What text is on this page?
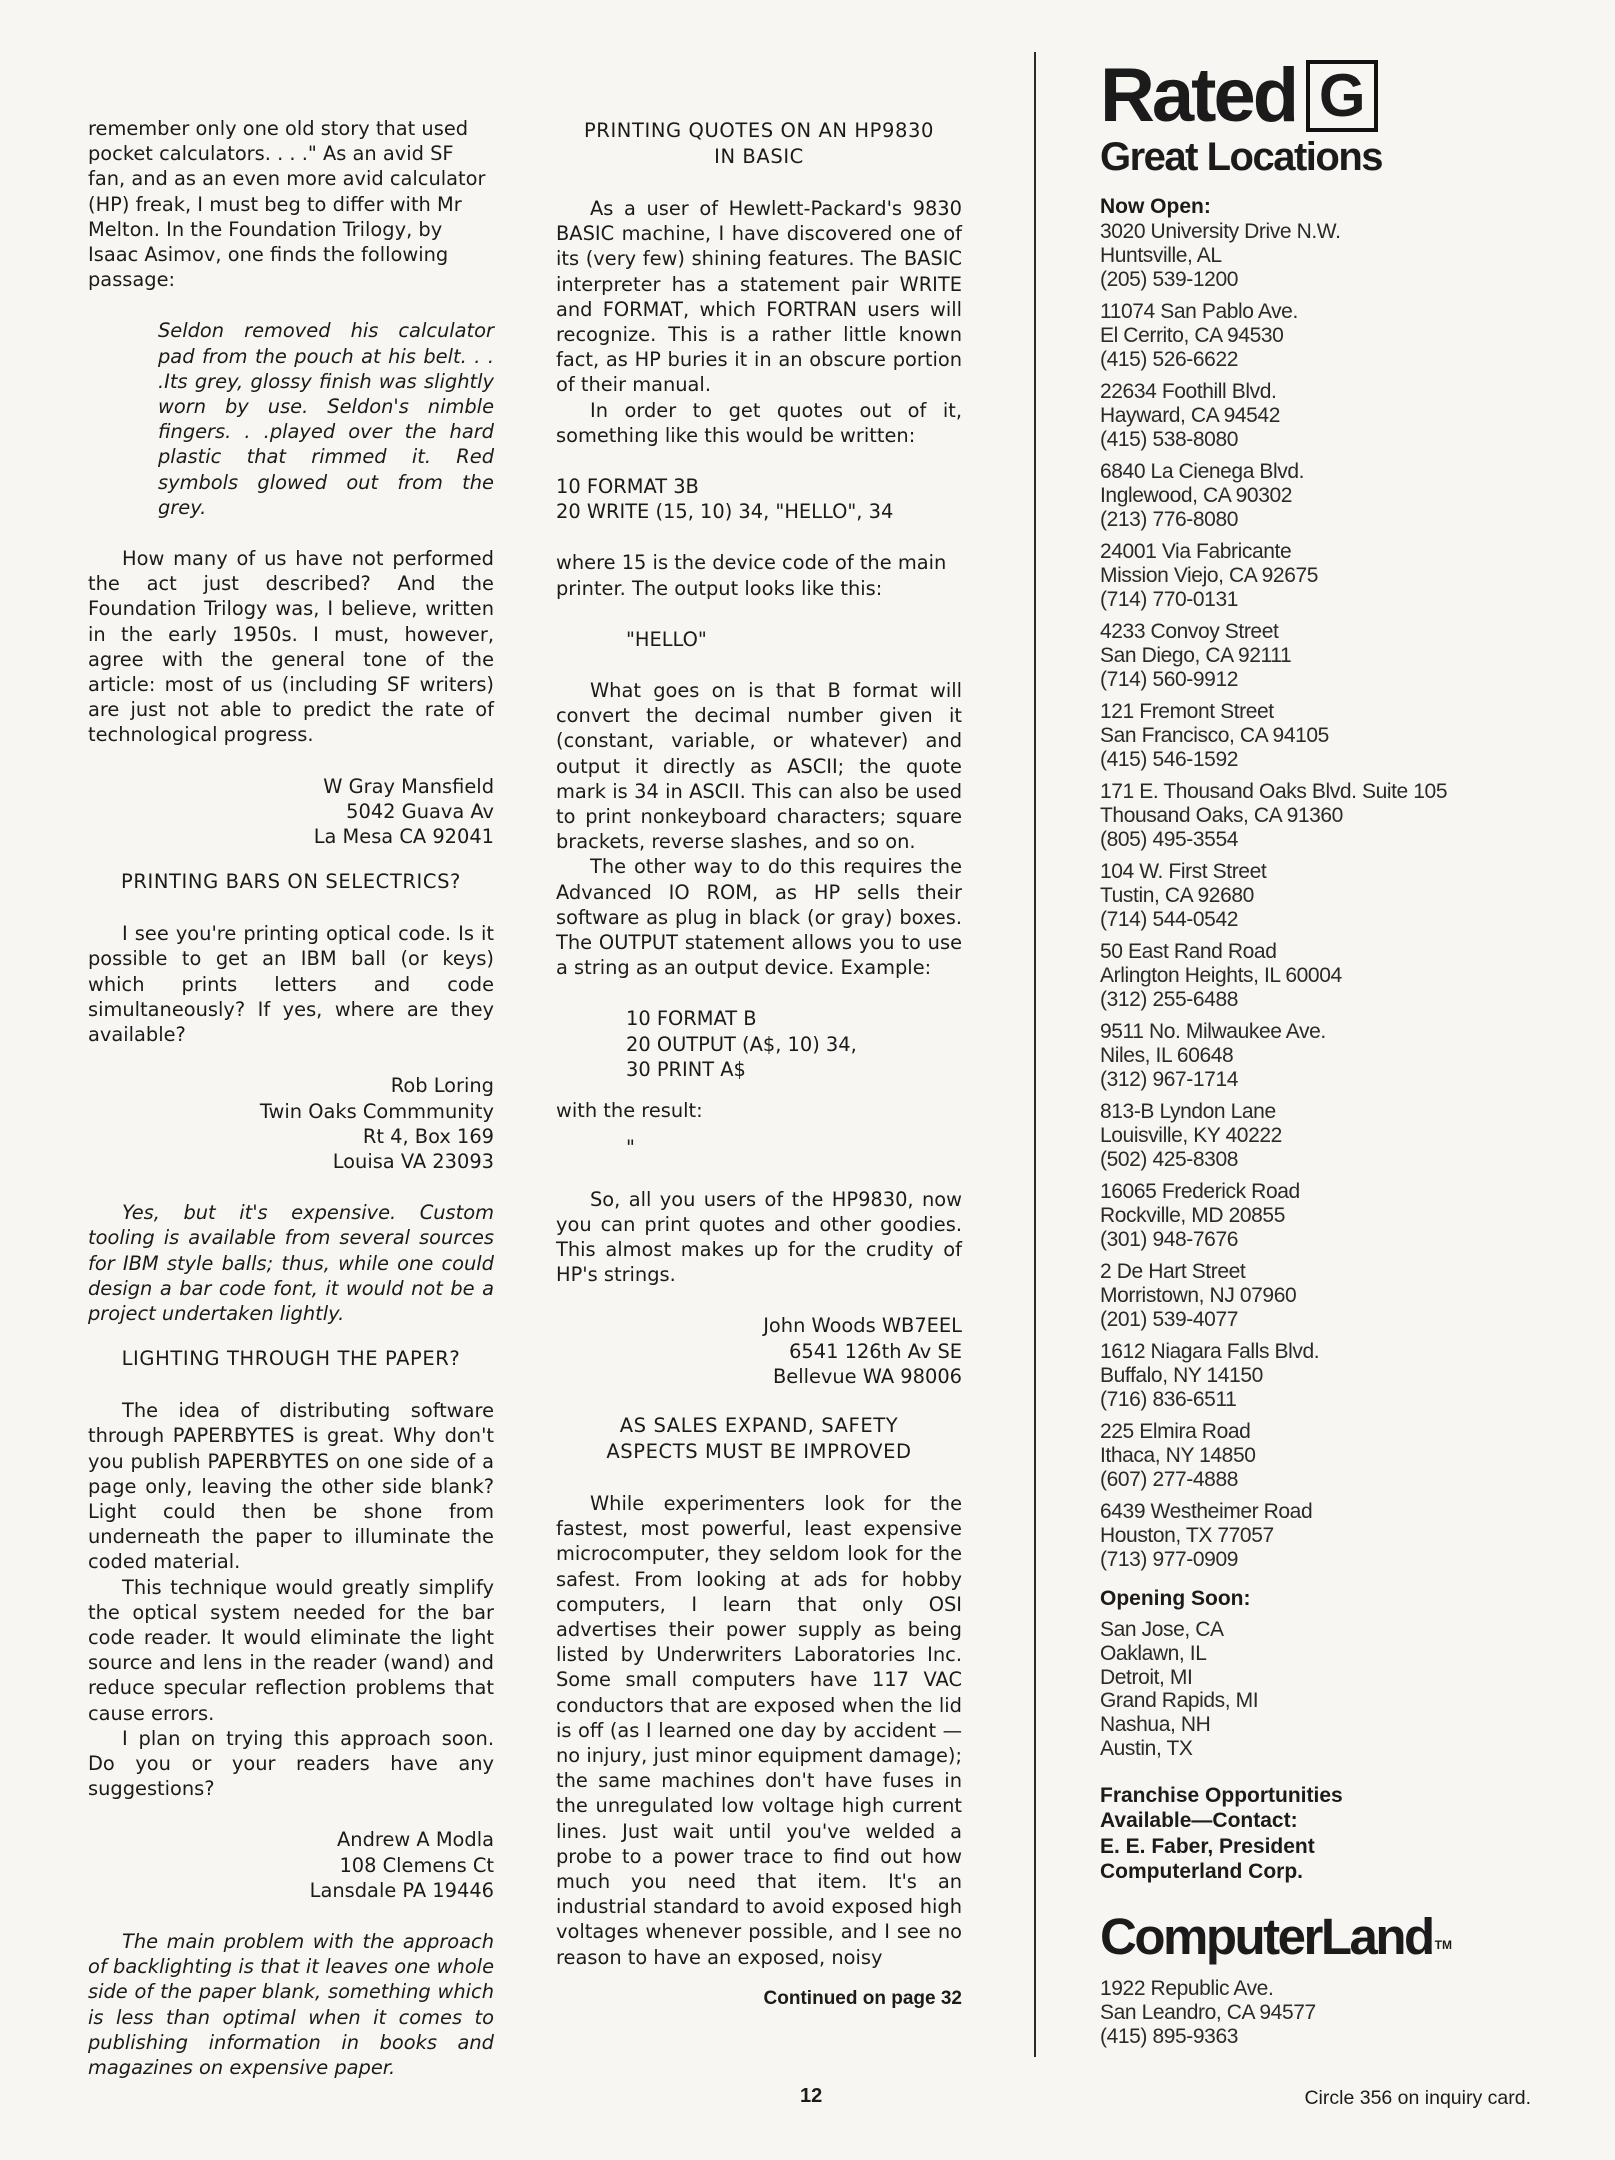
remember only one old story that used pocket calculators. . . ." As an avid SF fan, and as an even more avid calculator (HP) freak, I must beg to differ with Mr Melton. In the Foundation Trilogy, by Isaac Asimov, one finds the following passage:

Seldon removed his calculator pad from the pouch at his belt. . . .Its grey, glossy finish was slightly worn by use. Seldon's nimble fingers. . .played over the hard plastic that rimmed it. Red symbols glowed out from the grey.

How many of us have not performed the act just described? And the Foundation Trilogy was, I believe, written in the early 1950s. I must, however, agree with the general tone of the article: most of us (including SF writers) are just not able to predict the rate of technological progress.

W Gray Mansfield

5042 Guava Av

La Mesa CA 92041

PRINTING BARS ON SELECTRICS?

I see you're printing optical code. Is it possible to get an IBM ball (or keys) which prints letters and code simultaneously? If yes, where are they available?

Rob Loring

Twin Oaks Commmunity

Rt 4, Box 169

Louisa VA 23093

Yes, but it's expensive. Custom tooling is available from several sources for IBM style balls; thus, while one could design a bar code font, it would not be a project undertaken lightly.

LIGHTING THROUGH THE PAPER?

The idea of distributing software through PAPERBYTES is great. Why don't you publish PAPERBYTES on one side of a page only, leaving the other side blank? Light could then be shone from underneath the paper to illuminate the coded material.

This technique would greatly simplify the optical system needed for the bar code reader. It would eliminate the light source and lens in the reader (wand) and reduce specular reflection problems that cause errors.

I plan on trying this approach soon. Do you or your readers have any suggestions?

Andrew A Modla

108 Clemens Ct

Lansdale PA 19446

The main problem with the approach of backlighting is that it leaves one whole side of the paper blank, something which is less than optimal when it comes to publishing information in books and magazines on expensive paper.

PRINTING QUOTES ON AN HP9830
IN BASIC

As a user of Hewlett-Packard's 9830 BASIC machine, I have discovered one of its (very few) shining features. The BASIC interpreter has a statement pair WRITE and FORMAT, which FORTRAN users will recognize. This is a rather little known fact, as HP buries it in an obscure portion of their manual.

In order to get quotes out of it, something like this would be written:

10 FORMAT 3B

20 WRITE (15, 10) 34, "HELLO", 34

where 15 is the device code of the main printer. The output looks like this:

"HELLO"

What goes on is that B format will convert the decimal number given it (constant, variable, or whatever) and output it directly as ASCII; the quote mark is 34 in ASCII. This can also be used to print nonkeyboard characters; square brackets, reverse slashes, and so on.

The other way to do this requires the Advanced IO ROM, as HP sells their software as plug in black (or gray) boxes. The OUTPUT statement allows you to use a string as an output device. Example:

10 FORMAT B

20 OUTPUT (A$, 10) 34,

30 PRINT A$

with the result:

"

So, all you users of the HP9830, now you can print quotes and other goodies. This almost makes up for the crudity of HP's strings.

John Woods WB7EEL

6541 126th Av SE

Bellevue WA 98006

AS SALES EXPAND, SAFETY
ASPECTS MUST BE IMPROVED

While experimenters look for the fastest, most powerful, least expensive microcomputer, they seldom look for the safest. From looking at ads for hobby computers, I learn that only OSI advertises their power supply as being listed by Underwriters Laboratories Inc. Some small computers have 117 VAC conductors that are exposed when the lid is off (as I learned one day by accident — no injury, just minor equipment damage); the same machines don't have fuses in the unregulated low voltage high current lines. Just wait until you've welded a probe to a power trace to find out how much you need that item. It's an industrial standard to avoid exposed high voltages whenever possible, and I see no reason to have an exposed, noisy

Continued on page 32

Rated G
Great Locations

Now Open:

3020 University Drive N.W.
Huntsville, AL
(205) 539-1200
11074 San Pablo Ave.
El Cerrito, CA 94530
(415) 526-6622
22634 Foothill Blvd.
Hayward, CA 94542
(415) 538-8080
6840 La Cienega Blvd.
Inglewood, CA 90302
(213) 776-8080
24001 Via Fabricante
Mission Viejo, CA 92675
(714) 770-0131
4233 Convoy Street
San Diego, CA 92111
(714) 560-9912
121 Fremont Street
San Francisco, CA 94105
(415) 546-1592
171 E. Thousand Oaks Blvd. Suite 105
Thousand Oaks, CA 91360
(805) 495-3554
104 W. First Street
Tustin, CA 92680
(714) 544-0542
50 East Rand Road
Arlington Heights, IL 60004
(312) 255-6488
9511 No. Milwaukee Ave.
Niles, IL 60648
(312) 967-1714
813-B Lyndon Lane
Louisville, KY 40222
(502) 425-8308
16065 Frederick Road
Rockville, MD 20855
(301) 948-7676
2 De Hart Street
Morristown, NJ 07960
(201) 539-4077
1612 Niagara Falls Blvd.
Buffalo, NY 14150
(716) 836-6511
225 Elmira Road
Ithaca, NY 14850
(607) 277-4888
6439 Westheimer Road
Houston, TX 77057
(713) 977-0909

Opening Soon:

San Jose, CA
Oaklawn, IL
Detroit, MI
Grand Rapids, MI
Nashua, NH
Austin, TX

Franchise Opportunities

Available—Contact:

E. E. Faber, President

Computerland Corp.

ComputerLand ™
1922 Republic Ave.
San Leandro, CA 94577
(415) 895-9363
12	Circle 356 on inquiry card.
